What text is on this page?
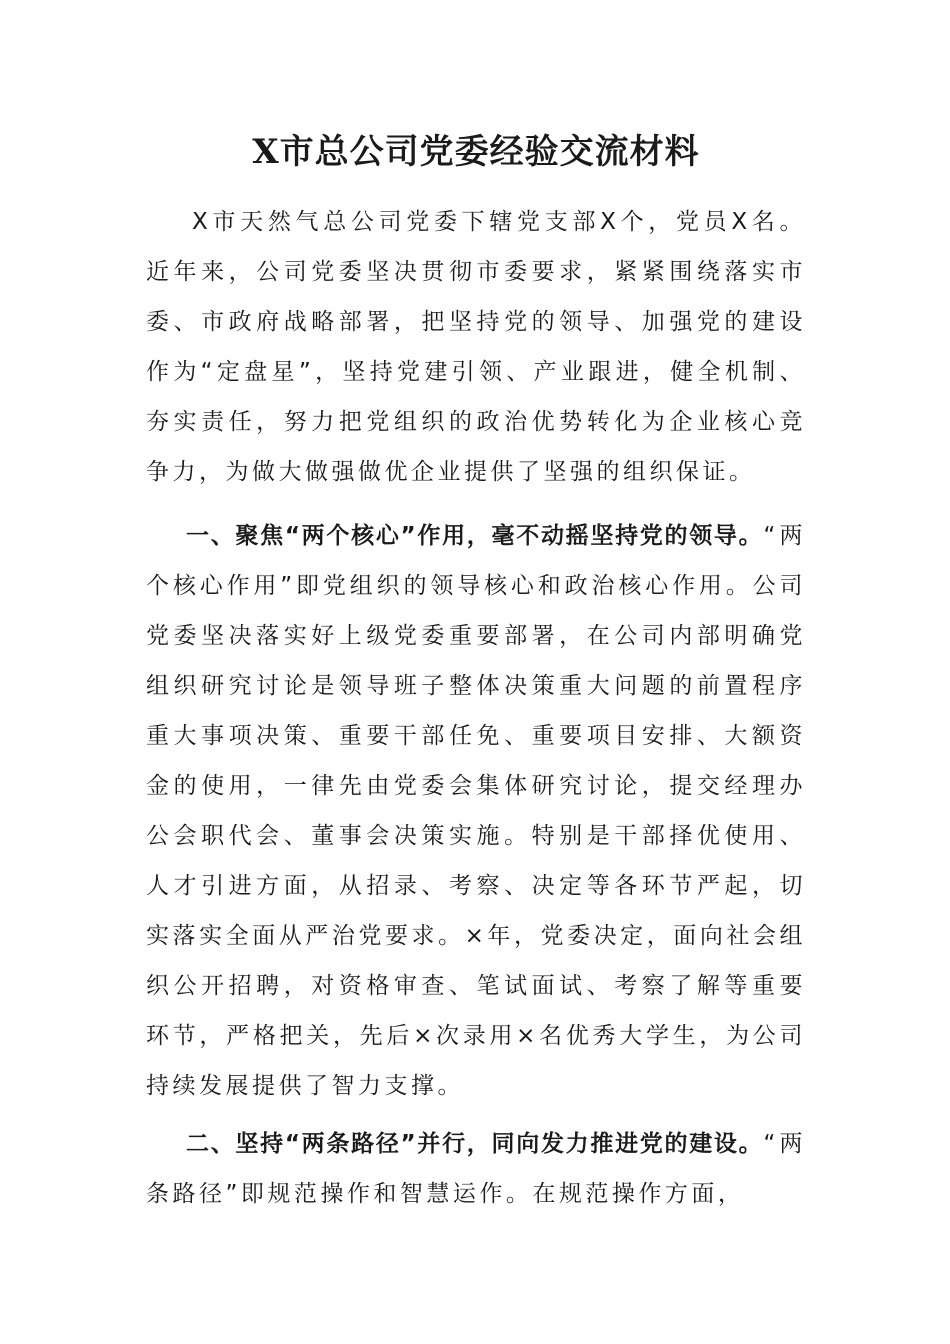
X市总公司党委经验交流材料

X市天然气总公司党委下辖党支部X个，党员X名。近年来，公司党委坚决贯彻市委要求，紧紧围绕落实市委、市政府战略部署，把坚持党的领导、加强党的建设作为“定盘星”，坚持党建引领、产业跟进，健全机制、夯实责任，努力把党组织的政治优势转化为企业核心竞争力，为做大做强做优企业提供了坚强的组织保证。

一、聚焦“两个核心”作用，毫不动摇坚持党的领导。“两个核心作用”即党组织的领导核心和政治核心作用。公司党委坚决落实好上级党委重要部署，在公司内部明确党组织研究讨论是领导班子整体决策重大问题的前置程序重大事项决策、重要干部任免、重要项目安排、大额资金的使用，一律先由党委会集体研究讨论，提交经理办公会职代会、董事会决策实施。特别是干部择优使用、人才引进方面，从招录、考察、决定等各环节严起，切实落实全面从严治党要求。×年，党委决定，面向社会组织公开招聘，对资格审查、笔试面试、考察了解等重要环节，严格把关，先后×次录用×名优秀大学生，为公司持续发展提供了智力支撑。

二、坚持“两条路径”并行，同向发力推进党的建设。“两条路径”即规范操作和智慧运作。在规范操作方面，
